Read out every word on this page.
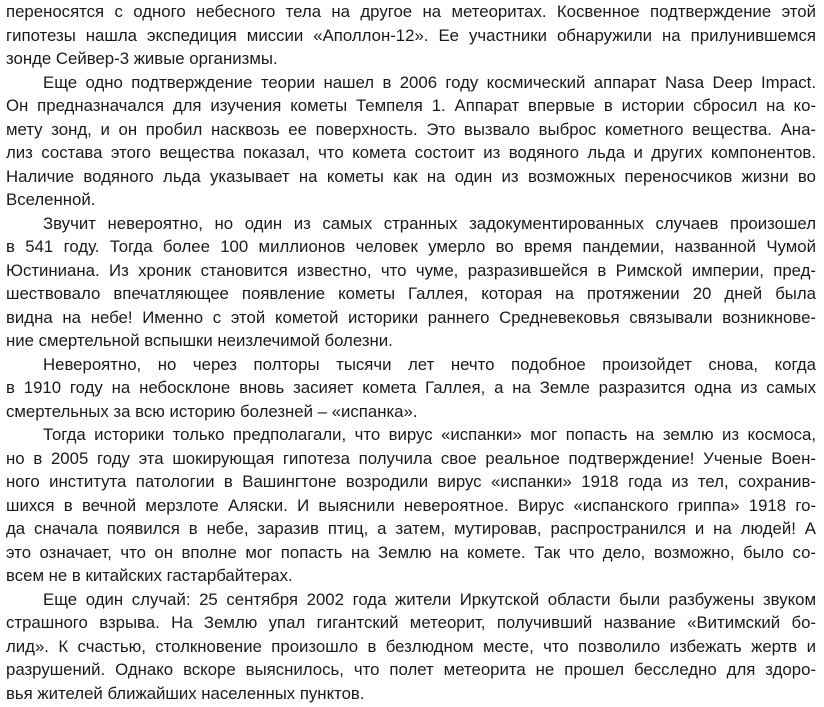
переносятся с одного небесного тела на другое на метеоритах. Косвенное подтверждение этой
гипотезы нашла экспедиция миссии «Аполлон-12». Ее участники обнаружили на прилунившемся
зонде Сейвер-3 живые организмы.
Еще одно подтверждение теории нашел в 2006 году космический аппарат Nasa Deep Impact.
Он предназначался для изучения кометы Темпеля 1. Аппарат впервые в истории сбросил на ко-
мету зонд, и он пробил насквозь ее поверхность. Это вызвало выброс кометного вещества. Ана-
лиз состава этого вещества показал, что комета состоит из водяного льда и других компонентов.
Наличие водяного льда указывает на кометы как на один из возможных переносчиков жизни во
Вселенной.
Звучит невероятно, но один из самых странных задокументированных случаев произошел
в 541 году. Тогда более 100 миллионов человек умерло во время пандемии, названной Чумой
Юстиниана. Из хроник становится известно, что чуме, разразившейся в Римской империи, пред-
шествовало впечатляющее появление кометы Галлея, которая на протяжении 20 дней была
видна на небе! Именно с этой кометой историки раннего Средневековья связывали возникнове-
ние смертельной вспышки неизлечимой болезни.
Невероятно, но через полторы тысячи лет нечто подобное произойдет снова, когда
в 1910 году на небосклоне вновь засияет комета Галлея, а на Земле разразится одна из самых
смертельных за всю историю болезней – «испанка».
Тогда историки только предполагали, что вирус «испанки» мог попасть на землю из космоса,
но в 2005 году эта шокирующая гипотеза получила свое реальное подтверждение! Ученые Воен-
ного института патологии в Вашингтоне возродили вирус «испанки» 1918 года из тел, сохранив-
шихся в вечной мерзлоте Аляски. И выяснили невероятное. Вирус «испанского гриппа» 1918 го-
да сначала появился в небе, заразив птиц, а затем, мутировав, распространился и на людей! А
это означает, что он вполне мог попасть на Землю на комете. Так что дело, возможно, было со-
всем не в китайских гастарбайтерах.
Еще один случай: 25 сентября 2002 года жители Иркутской области были разбужены звуком
страшного взрыва. На Землю упал гигантский метеорит, получивший название «Витимский бо-
лид». К счастью, столкновение произошло в безлюдном месте, что позволило избежать жертв и
разрушений. Однако вскоре выяснилось, что полет метеорита не прошел бесследно для здоро-
вья жителей ближайших населенных пунктов.
